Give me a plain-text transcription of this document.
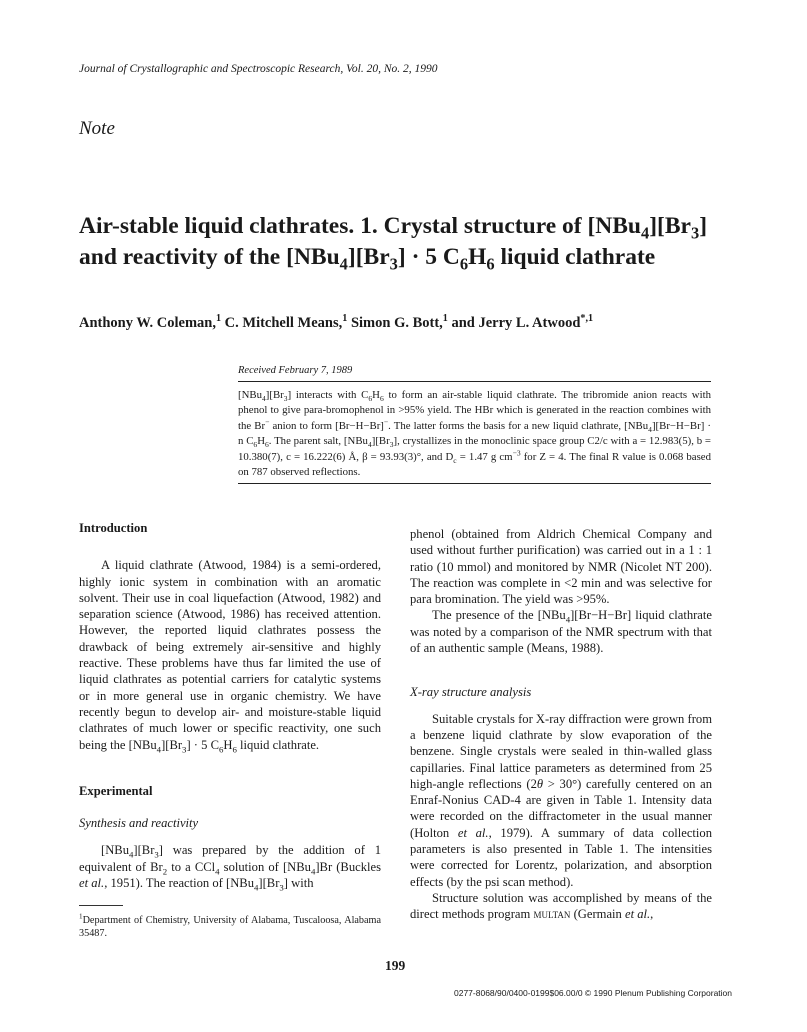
Journal of Crystallographic and Spectroscopic Research, Vol. 20, No. 2, 1990
Note
Air-stable liquid clathrates. 1. Crystal structure of $[NBu_4][Br_3]$
and reactivity of the $[NBu_4][Br_3] \cdot 5$ $C_6H_6$ liquid clathrate
Anthony W. Coleman,$^1$ C. Mitchell Means,$^1$ Simon G. Bott,$^1$ and Jerry L. Atwood$^{*,1}$
Received February 7, 1989
$[NBu_4][Br_3]$ interacts with $C_6H_6$ to form an air-stable liquid clathrate. The tribromide anion reacts with phenol to give para-bromophenol in >95% yield. The HBr which is generated in the reaction combines with the Br− anion to form [Br−H−Br]−. The latter forms the basis for a new liquid clathrate, [NBu$_4$][Br−H−Br] · n $C_6H_6$. The parent salt, $[NBu_4][Br_3]$, crystallizes in the monoclinic space group C2/c with a = 12.983(5), b = 10.380(7), c = 16.222(6) Å, β = 93.93(3)°, and $D_c = 1.47$ g $cm^{-3}$ for Z = 4. The final R value is 0.068 based on 787 observed reflections.

Introduction

A liquid clathrate (Atwood, 1984) is a semi-ordered, highly ionic system in combination with an aromatic solvent. Their use in coal liquefaction (Atwood, 1982) and separation science (Atwood, 1986) has received attention. However, the reported liquid clathrates possess the drawback of being extremely air-sensitive and highly reactive. These problems have thus far limited the use of liquid clathrates as potential carriers for catalytic systems or in more general use in organic chemistry. We have recently begun to develop air- and moisture-stable liquid clathrates of much lower or specific reactivity, one such being the $[NBu_4][Br_3] \cdot 5$ $C_6H_6$ liquid clathrate.

Experimental

Synthesis and reactivity

$[NBu_4][Br_3]$ was prepared by the addition of 1 equivalent of $Br_2$ to a CCl$_4$ solution of [NBu$_4$]Br (Buckles et al., 1951). The reaction of $[NBu_4][Br_3]$ with

$^1$Department of Chemistry, University of Alabama, Tuscaloosa, Alabama 35487.

phenol (obtained from Aldrich Chemical Company and used without further purification) was carried out in a 1 : 1 ratio (10 mmol) and monitored by NMR (Nicolet NT 200). The reaction was complete in <2 min and was selective for para bromination. The yield was >95%.

The presence of the [NBu$_4$][Br−H−Br] liquid clathrate was noted by a comparison of the NMR spectrum with that of an authentic sample (Means, 1988).

X-ray structure analysis

Suitable crystals for X-ray diffraction were grown from a benzene liquid clathrate by slow evaporation of the benzene. Single crystals were sealed in thin-walled glass capillaries. Final lattice parameters as determined from 25 high-angle reflections (2θ > 30°) carefully centered on an Enraf-Nonius CAD-4 are given in Table 1. Intensity data were recorded on the diffractometer in the usual manner (Holton et al., 1979). A summary of data collection parameters is also presented in Table 1. The intensities were corrected for Lorentz, polarization, and absorption effects (by the psi scan method).

Structure solution was accomplished by means of the direct methods program multan (Germain et al.,

199
0277-8068/90/0400-0199$06.00/0 © 1990 Plenum Publishing Corporation
